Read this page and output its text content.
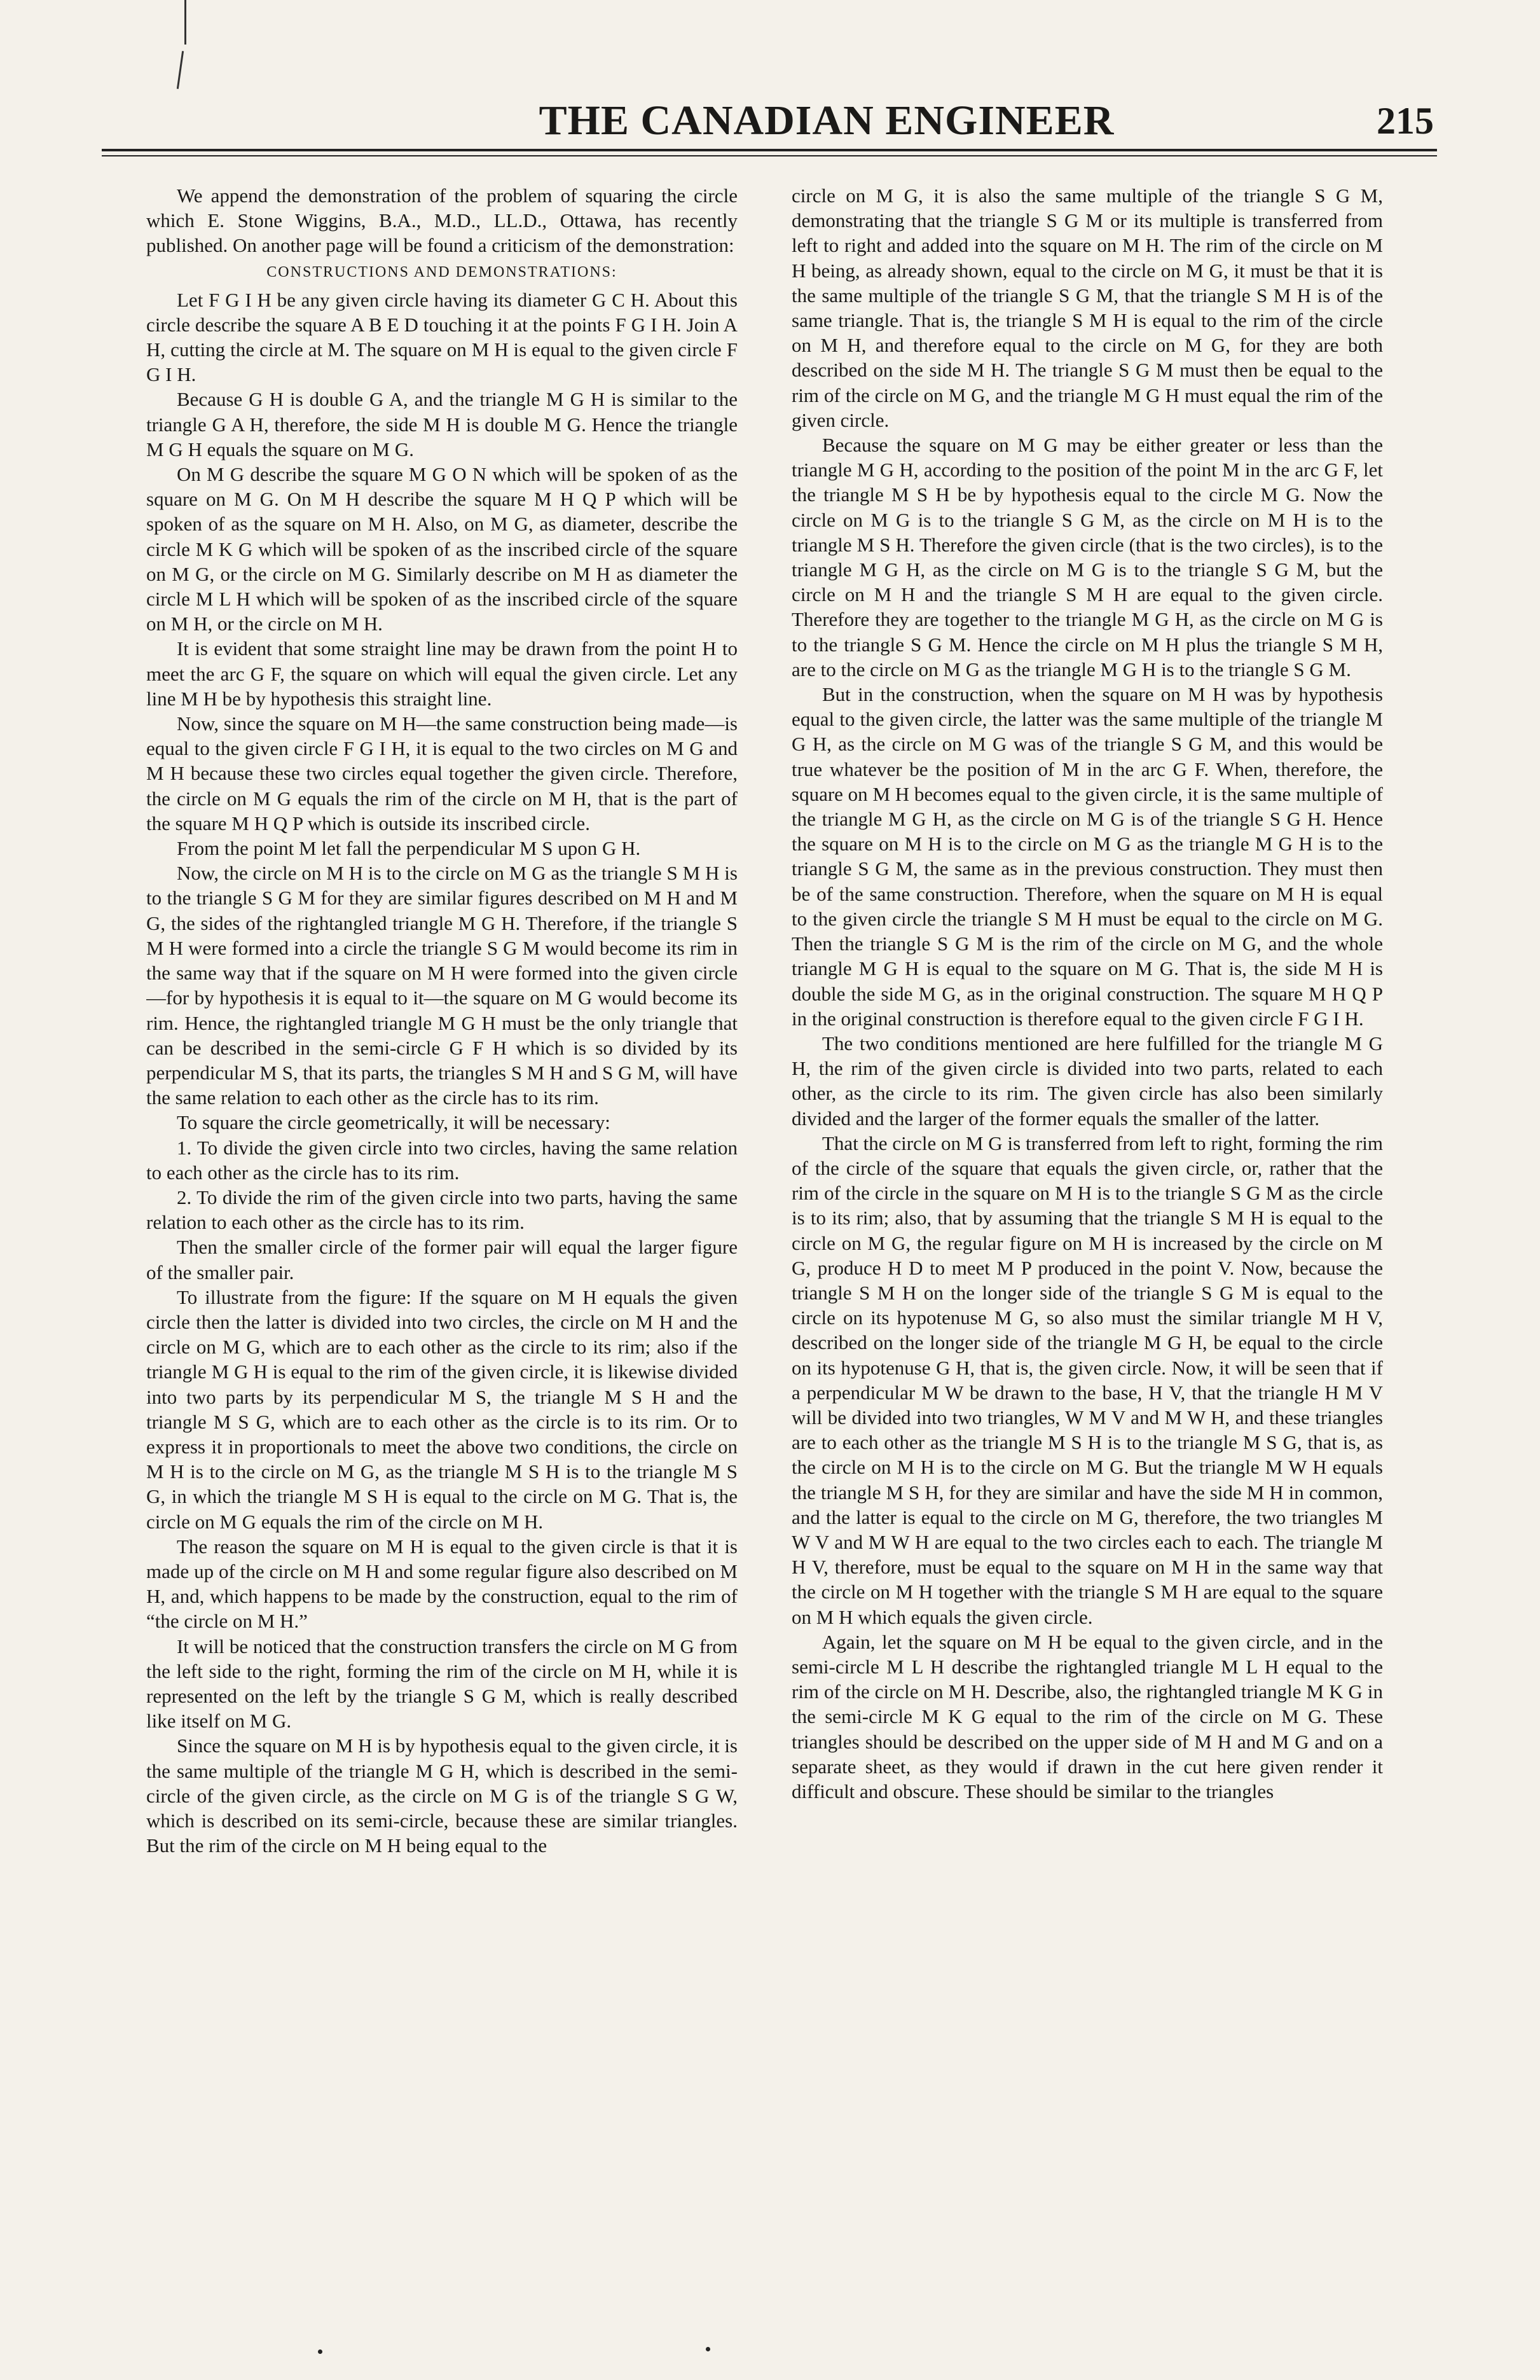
THE CANADIAN ENGINEER	215

We append the demonstration of the problem of squaring the circle which E. Stone Wiggins, B.A., M.D., LL.D., Ottawa, has recently published. On another page will be found a criticism of the demonstration:

CONSTRUCTIONS AND DEMONSTRATIONS:

Let F G I H be any given circle having its diameter G C H. About this circle describe the square A B E D touching it at the points F G I H. Join A H, cutting the circle at M. The square on M H is equal to the given circle F G I H.

Because G H is double G A, and the triangle M G H is similar to the triangle G A H, therefore, the side M H is double M G. Hence the triangle M G H equals the square on M G.

On M G describe the square M G O N which will be spoken of as the square on M G. On M H describe the square M H Q P which will be spoken of as the square on M H. Also, on M G, as diameter, describe the circle M K G which will be spoken of as the inscribed circle of the square on M G, or the circle on M G. Similarly describe on M H as diameter the circle M L H which will be spoken of as the inscribed circle of the square on M H, or the circle on M H.

It is evident that some straight line may be drawn from the point H to meet the arc G F, the square on which will equal the given circle. Let any line M H be by hypothesis this straight line.

Now, since the square on M H—the same construction being made—is equal to the given circle F G I H, it is equal to the two circles on M G and M H because these two circles equal together the given circle. Therefore, the circle on M G equals the rim of the circle on M H, that is the part of the square M H Q P which is outside its inscribed circle.

From the point M let fall the perpendicular M S upon G H.

Now, the circle on M H is to the circle on M G as the triangle S M H is to the triangle S G M for they are similar figures described on M H and M G, the sides of the rightangled triangle M G H. Therefore, if the triangle S M H were formed into a circle the triangle S G M would become its rim in the same way that if the square on M H were formed into the given circle—for by hypothesis it is equal to it—the square on M G would become its rim. Hence, the rightangled triangle M G H must be the only triangle that can be described in the semi-circle G F H which is so divided by its perpendicular M S, that its parts, the triangles S M H and S G M, will have the same relation to each other as the circle has to its rim.

To square the circle geometrically, it will be necessary:

1. To divide the given circle into two circles, having the same relation to each other as the circle has to its rim.

2. To divide the rim of the given circle into two parts, having the same relation to each other as the circle has to its rim.

Then the smaller circle of the former pair will equal the larger figure of the smaller pair.

To illustrate from the figure: If the square on M H equals the given circle then the latter is divided into two circles, the circle on M H and the circle on M G, which are to each other as the circle to its rim; also if the triangle M G H is equal to the rim of the given circle, it is likewise divided into two parts by its perpendicular M S, the triangle M S H and the triangle M S G, which are to each other as the circle is to its rim. Or to express it in proportionals to meet the above two conditions, the circle on M H is to the circle on M G, as the triangle M S H is to the triangle M S G, in which the triangle M S H is equal to the circle on M G. That is, the circle on M G equals the rim of the circle on M H.

The reason the square on M H is equal to the given circle is that it is made up of the circle on M H and some regular figure also described on M H, and, which happens to be made by the construction, equal to the rim of “the circle on M H.”

It will be noticed that the construction transfers the circle on M G from the left side to the right, forming the rim of the circle on M H, while it is represented on the left by the triangle S G M, which is really described like itself on M G.

Since the square on M H is by hypothesis equal to the given circle, it is the same multiple of the triangle M G H, which is described in the semi-circle of the given circle, as the circle on M G is of the triangle S G W, which is described on its semi-circle, because these are similar triangles. But the rim of the circle on M H being equal to the

circle on M G, it is also the same multiple of the triangle S G M, demonstrating that the triangle S G M or its multiple is transferred from left to right and added into the square on M H. The rim of the circle on M H being, as already shown, equal to the circle on M G, it must be that it is the same multiple of the triangle S G M, that the triangle S M H is of the same triangle. That is, the triangle S M H is equal to the rim of the circle on M H, and therefore equal to the circle on M G, for they are both described on the side M H. The triangle S G M must then be equal to the rim of the circle on M G, and the triangle M G H must equal the rim of the given circle.

Because the square on M G may be either greater or less than the triangle M G H, according to the position of the point M in the arc G F, let the triangle M S H be by hypothesis equal to the circle M G. Now the circle on M G is to the triangle S G M, as the circle on M H is to the triangle M S H. Therefore the given circle (that is the two circles), is to the triangle M G H, as the circle on M G is to the triangle S G M, but the circle on M H and the triangle S M H are equal to the given circle. Therefore they are together to the triangle M G H, as the circle on M G is to the triangle S G M. Hence the circle on M H plus the triangle S M H, are to the circle on M G as the triangle M G H is to the triangle S G M.

But in the construction, when the square on M H was by hypothesis equal to the given circle, the latter was the same multiple of the triangle M G H, as the circle on M G was of the triangle S G M, and this would be true whatever be the position of M in the arc G F. When, therefore, the square on M H becomes equal to the given circle, it is the same multiple of the triangle M G H, as the circle on M G is of the triangle S G H. Hence the square on M H is to the circle on M G as the triangle M G H is to the triangle S G M, the same as in the previous construction. They must then be of the same construction. Therefore, when the square on M H is equal to the given circle the triangle S M H must be equal to the circle on M G. Then the triangle S G M is the rim of the circle on M G, and the whole triangle M G H is equal to the square on M G. That is, the side M H is double the side M G, as in the original construction. The square M H Q P in the original construction is therefore equal to the given circle F G I H.

The two conditions mentioned are here fulfilled for the triangle M G H, the rim of the given circle is divided into two parts, related to each other, as the circle to its rim. The given circle has also been similarly divided and the larger of the former equals the smaller of the latter.

That the circle on M G is transferred from left to right, forming the rim of the circle of the square that equals the given circle, or, rather that the rim of the circle in the square on M H is to the triangle S G M as the circle is to its rim; also, that by assuming that the triangle S M H is equal to the circle on M G, the regular figure on M H is increased by the circle on M G, produce H D to meet M P produced in the point V. Now, because the triangle S M H on the longer side of the triangle S G M is equal to the circle on its hypotenuse M G, so also must the similar triangle M H V, described on the longer side of the triangle M G H, be equal to the circle on its hypotenuse G H, that is, the given circle. Now, it will be seen that if a perpendicular M W be drawn to the base, H V, that the triangle H M V will be divided into two triangles, W M V and M W H, and these triangles are to each other as the triangle M S H is to the triangle M S G, that is, as the circle on M H is to the circle on M G. But the triangle M W H equals the triangle M S H, for they are similar and have the side M H in common, and the latter is equal to the circle on M G, therefore, the two triangles M W V and M W H are equal to the two circles each to each. The triangle M H V, therefore, must be equal to the square on M H in the same way that the circle on M H together with the triangle S M H are equal to the square on M H which equals the given circle.

Again, let the square on M H be equal to the given circle, and in the semi-circle M L H describe the rightangled triangle M L H equal to the rim of the circle on M H. Describe, also, the rightangled triangle M K G in the semi-circle M K G equal to the rim of the circle on M G. These triangles should be described on the upper side of M H and M G and on a separate sheet, as they would if drawn in the cut here given render it difficult and obscure. These should be similar to the triangles
